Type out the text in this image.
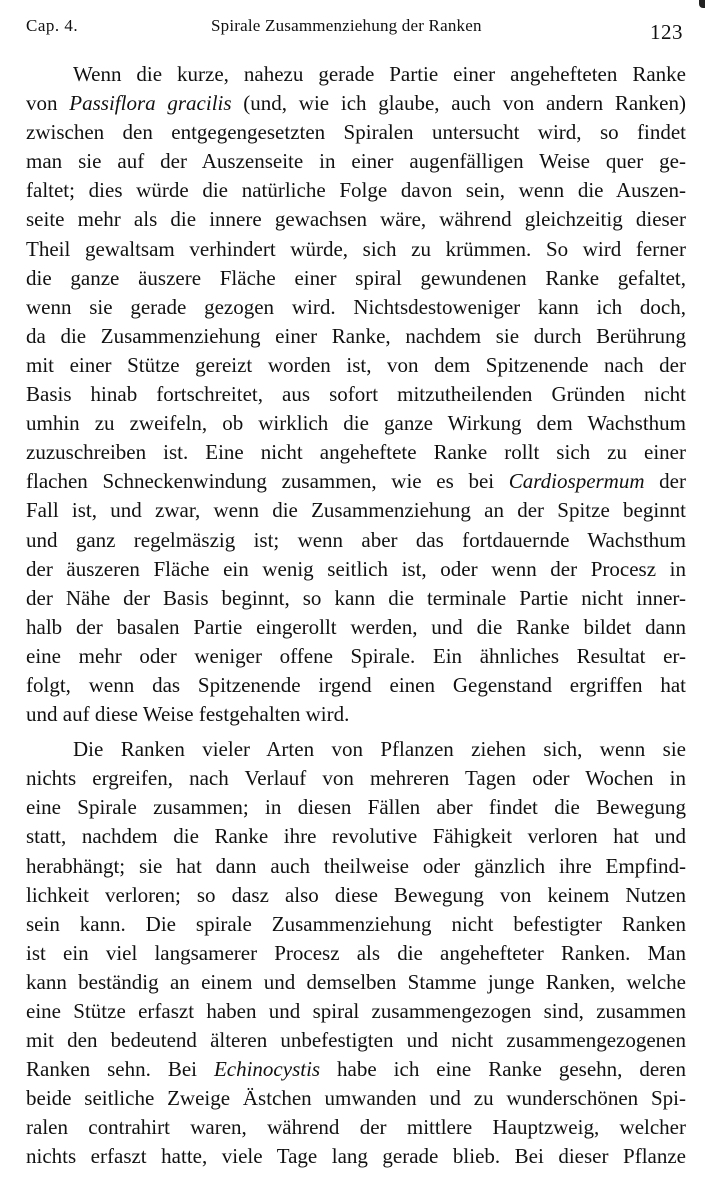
Cap. 4.	Spirale Zusammenziehung der Ranken	123
Wenn die kurze, nahezu gerade Partie einer angehefteten Ranke
von Passiflora gracilis (und, wie ich glaube, auch von andern Ranken)
zwischen den entgegengesetzten Spiralen untersucht wird, so findet
man sie auf der Auszenseite in einer augenfälligen Weise quer ge-
faltet; dies würde die natürliche Folge davon sein, wenn die Auszen-
seite mehr als die innere gewachsen wäre, während gleichzeitig dieser
Theil gewaltsam verhindert würde, sich zu krümmen. So wird ferner
die ganze äuszere Fläche einer spiral gewundenen Ranke gefaltet,
wenn sie gerade gezogen wird. Nichtsdestoweniger kann ich doch,
da die Zusammenziehung einer Ranke, nachdem sie durch Berührung
mit einer Stütze gereizt worden ist, von dem Spitzenende nach der
Basis hinab fortschreitet, aus sofort mitzutheilenden Gründen nicht
umhin zu zweifeln, ob wirklich die ganze Wirkung dem Wachsthum
zuzuschreiben ist. Eine nicht angeheftete Ranke rollt sich zu einer
flachen Schneckenwindung zusammen, wie es bei Cardiospermum der
Fall ist, und zwar, wenn die Zusammenziehung an der Spitze beginnt
und ganz regelmäszig ist; wenn aber das fortdauernde Wachsthum
der äuszeren Fläche ein wenig seitlich ist, oder wenn der Procesz in
der Nähe der Basis beginnt, so kann die terminale Partie nicht inner-
halb der basalen Partie eingerollt werden, und die Ranke bildet dann
eine mehr oder weniger offene Spirale. Ein ähnliches Resultat er-
folgt, wenn das Spitzenende irgend einen Gegenstand ergriffen hat
und auf diese Weise festgehalten wird.
Die Ranken vieler Arten von Pflanzen ziehen sich, wenn sie
nichts ergreifen, nach Verlauf von mehreren Tagen oder Wochen in
eine Spirale zusammen; in diesen Fällen aber findet die Bewegung
statt, nachdem die Ranke ihre revolutive Fähigkeit verloren hat und
herabhängt; sie hat dann auch theilweise oder gänzlich ihre Empfind-
lichkeit verloren; so dasz also diese Bewegung von keinem Nutzen
sein kann. Die spirale Zusammenziehung nicht befestigter Ranken
ist ein viel langsamerer Procesz als die angehefteter Ranken. Man
kann beständig an einem und demselben Stamme junge Ranken, welche
eine Stütze erfaszt haben und spiral zusammengezogen sind, zusammen
mit den bedeutend älteren unbefestigten und nicht zusammengezogenen
Ranken sehn. Bei Echinocystis habe ich eine Ranke gesehn, deren
beide seitliche Zweige Ästchen umwanden und zu wunderschönen Spi-
ralen contrahirt waren, während der mittlere Hauptzweig, welcher
nichts erfaszt hatte, viele Tage lang gerade blieb. Bei dieser Pflanze
